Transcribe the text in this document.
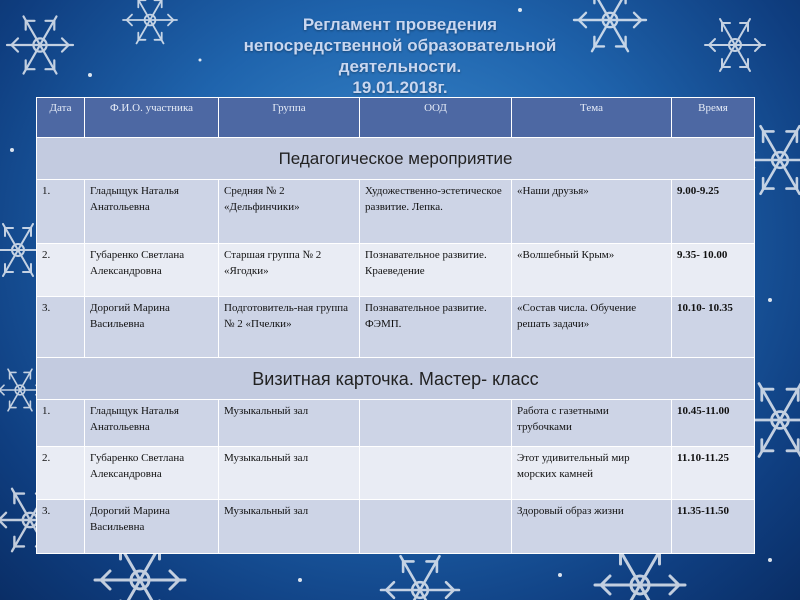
Регламент проведения
непосредственной образовательной
деятельности.
19.01.2018г.
Дата	Ф.И.О. участника	Группа	ООД	Тема	Время
Педагогическое мероприятие					
1.	Гладыщук Наталья Анатольевна	Средняя № 2 «Дельфинчики»	Художественно-эстетическое развитие. Лепка.	«Наши друзья»	9.00-9.25
2.	Губаренко Светлана Александровна	Старшая группа № 2 «Ягодки»	Познавательное развитие. Краеведение	«Волшебный Крым»	9.35- 10.00
3.	Дорогий Марина Васильевна	Подготовитель-ная группа № 2 «Пчелки»	Познавательное развитие. ФЭМП.	«Состав числа. Обучение решать задачи»	10.10- 10.35
Визитная карточка. Мастер- класс					
1.	Гладыщук Наталья Анатольевна	Музыкальный зал		Работа с газетными трубочками	10.45-11.00
2.	Губаренко Светлана Александровна	Музыкальный зал		Этот удивительный мир морских камней	11.10-11.25
3.	Дорогий Марина Васильевна	Музыкальный зал		Здоровый образ жизни	11.35-11.50
